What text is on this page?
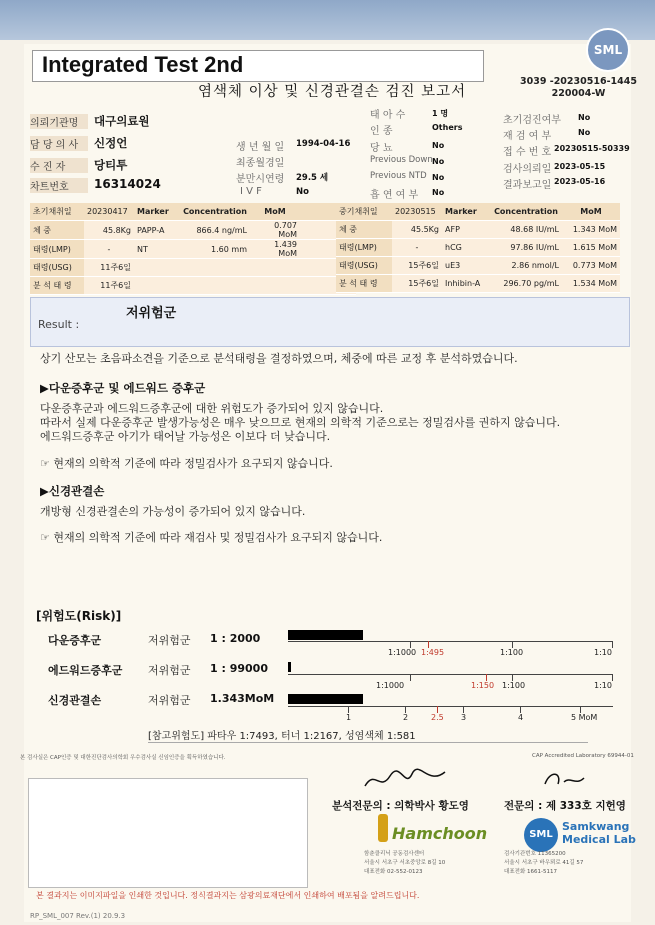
SML
Integrated Test 2nd
염색체 이상 및 신경관결손 검진 보고서
3039 -20230516-1445
220004-W
의뢰기관명	대구의료원
담 당 의 사	신정언
수 진 자	당티투
차트번호	16314024
생 년 월 일 1994-04-16
최종월경일
분만시연령 29.5 세
I V F	No
태 아 수	1 명
인 종	Others
당 뇨	No
Previous Down No
Previous NTD No
흡 연 여 부 No
초기검진여부 No
재 검 여 부	No
접 수 번 호 20230515-50339
검사의뢰일 2023-05-15
결과보고일 2023-05-16
초기채취일	20230417	Marker	Concentration	MoM	
체 중	45.8Kg	PAPP-A	866.4 ng/mL	0.707 MoM	
태령(LMP)	-	NT	1.60 mm	1.439 MoM	
태령(USG)	11주6일				
분 석 태 령	11주6일				
중기채취일	20230515	Marker	Concentration	MoM
체 중	45.5Kg	AFP	48.68 IU/mL	1.343 MoM
태령(LMP)	-	hCG	97.86 IU/mL	1.615 MoM
태령(USG)	15주6일	uE3	2.86 nmol/L	0.773 MoM
분 석 태 령	15주6일	Inhibin-A	296.70 pg/mL	1.534 MoM
Result :
저위험군
상기 산모는 초음파소견을 기준으로 분석태령을 결정하였으며, 체중에 따른 교정 후 분석하였습니다.
▶다운증후군 및 에드워드 증후군
다운증후군과 에드워드증후군에 대한 위험도가 증가되어 있지 않습니다.
따라서 실제 다운증후군 발생가능성은 매우 낮으므로 현재의 의학적 기준으로는 정밀검사를 권하지 않습니다.
에드워드증후군 아기가 태어날 가능성은 이보다 더 낮습니다.
☞ 현재의 의학적 기준에 따라 정밀검사가 요구되지 않습니다.
▶신경관결손
개방형 신경관결손의 가능성이 증가되어 있지 않습니다.
☞ 현재의 의학적 기준에 따라 재검사 및 정밀검사가 요구되지 않습니다.
[위험도(Risk)]
다운증후군	저위험군 1 : 2000
1:1000 1:495	1:100	1:10
에드워드증후군 저위험군 1 : 99000
1:1000	1:150 1:100	1:10
신경관결손	저위험군 1.343MoM
1	2	2.5 3	4	5 MoM
[참고위험도] 파타우 1:7493, 터너 1:2167, 성염색체 1:581
본 검사실은 CAP인증 및 대한진단검사의학회 우수검사실 신임인증을 획득하였습니다.	CAP Accredited Laboratory 69944-01
분석전문의 : 의학박사 황도영	전문의 : 제 333호 지헌영
Hamchoon	SML
Samkwang
Medical Lab
함춘클리닉 공동검사센터
서울시 서초구 서초중앙로 8길 10
대표전화 02-552-0123
검사기관번호 11365200
서울시 서초구 바우뫼로 41길 57
대표전화 1661-5117
본 결과지는 이미지파일을 인쇄한 것입니다. 정식결과지는 삼광의료재단에서 인쇄하여 배포됨을 알려드립니다.
RP_SML_007 Rev.(1) 20.9.3
